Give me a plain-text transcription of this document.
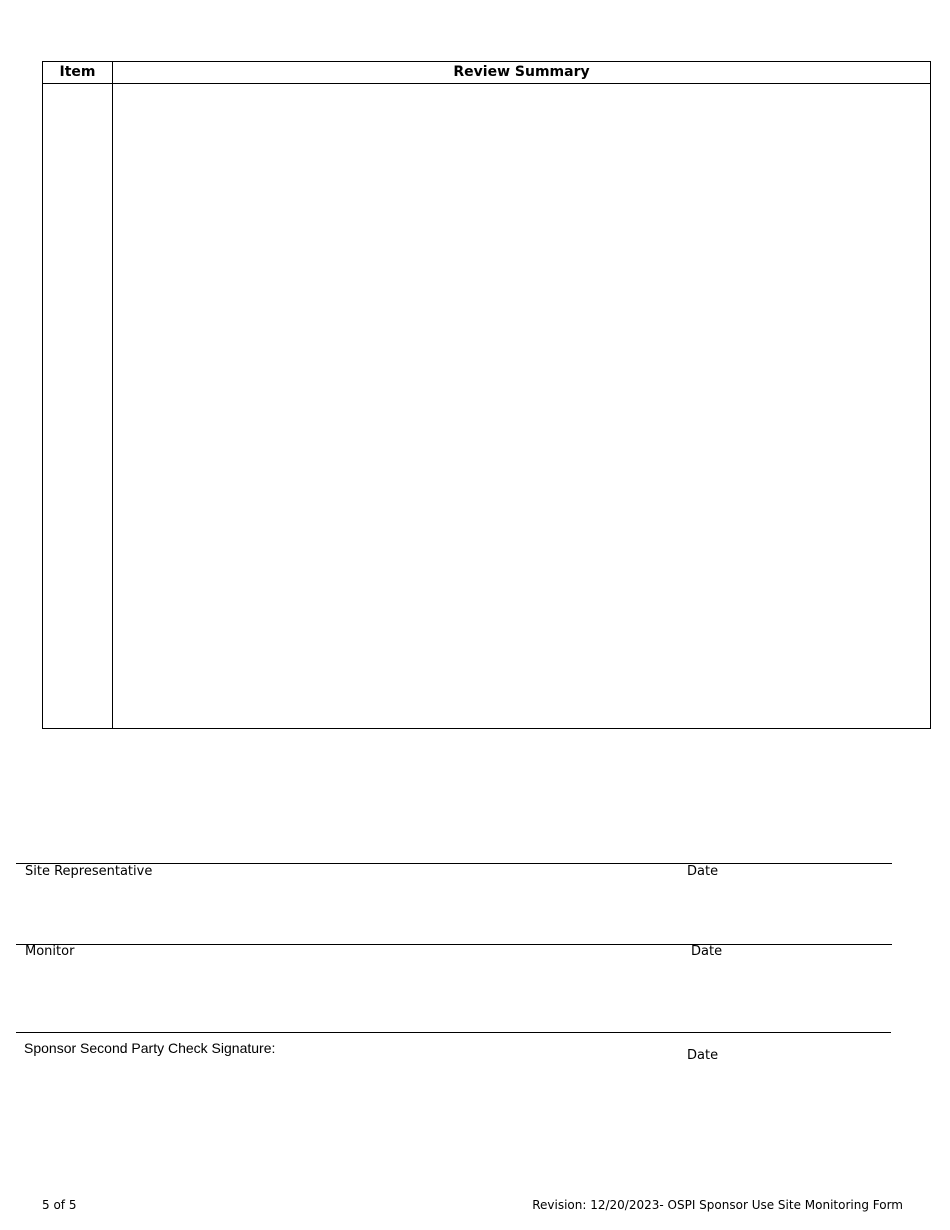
Item	Review Summary

Site Representative	Date
Monitor	Date
Sponsor Second Party Check Signature:	Date
5 of 5	Revision: 12/20/2023- OSPI Sponsor Use Site Monitoring Form
